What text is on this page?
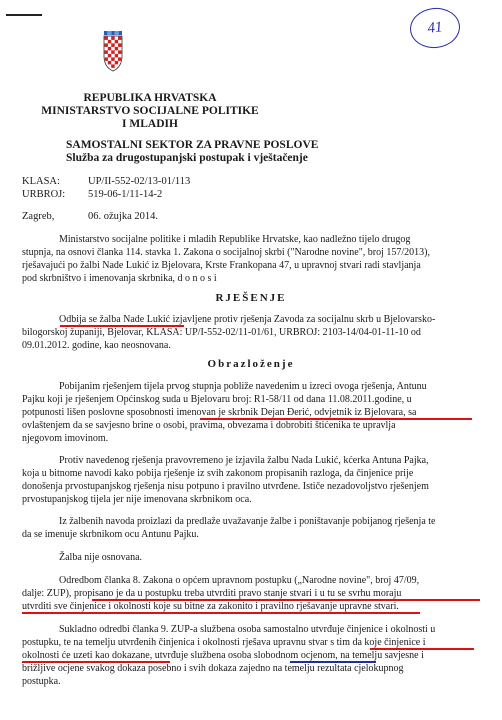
41
REPUBLIKA HRVATSKA
MINISTARSTVO SOCIJALNE POLITIKE
I MLADIH
SAMOSTALNI SEKTOR ZA PRAVNE POSLOVE
Služba za drugostupanjski postupak i vještačenje
KLASA:	UP/II-552-02/13-01/113
URBROJ: 519-06-1/11-14-2
Zagreb,	06. ožujka 2014.
Ministarstvo socijalne politike i mladih Republike Hrvatske, kao nadležno tijelo drugog
stupnja, na osnovi članka 114. stavka 1. Zakona o socijalnoj skrbi ("Narodne novine", broj 157/2013),
rješavajući po žalbi Nade Lukić iz Bjelovara, Krste Frankopana 47, u upravnoj stvari radi stavljanja
pod skrbništvo i imenovanja skrbnika, d o n o s i
RJEŠENJE
Odbija se žalba Nade Lukić izjavljene protiv rješenja Zavoda za socijalnu skrb u Bjelovarsko-
bilogorskoj županiji, Bjelovar, KLASA: UP/I-552-02/11-01/61, URBROJ: 2103-14/04-01-11-10 od
09.01.2012. godine, kao neosnovana.
Obrazloženje
Pobijanim rješenjem tijela prvog stupnja pobliže navedenim u izreci ovoga rješenja, Antunu
Pajku koji je rješenjem Općinskog suda u Bjelovaru broj: R1-58/11 od dana 11.08.2011.godine, u
potpunosti lišen poslovne sposobnosti imenovan je skrbnik Dejan Đerić, odvjetnik iz Bjelovara, sa
ovlaštenjem da se savjesno brine o osobi, pravima, obvezama i dobrobiti štićenika te upravlja
njegovom imovinom.
Protiv navedenog rješenja pravovremeno je izjavila žalbu Nada Lukić, kćerka Antuna Pajka,
koja u bitnome navodi kako pobija rješenje iz svih zakonom propisanih razloga, da činjenice prije
donošenja prvostupanjskog rješenja nisu potpuno i pravilno utvrđene. Ističe nezadovoljstvo rješenjem
prvostupanjskog tijela jer nije imenovana skrbnikom oca.
Iz žalbenih navoda proizlazi da predlaže uvažavanje žalbe i poništavanje pobijanog rješenja te
da se imenuje skrbnikom ocu Antunu Pajku.
Žalba nije osnovana.
Odredbom članka 8. Zakona o općem upravnom postupku („Narodne novine", broj 47/09,
dalje: ZUP), propisano je da u postupku treba utvrditi pravo stanje stvari i u tu se svrhu moraju
utvrditi sve činjenice i okolnosti koje su bitne za zakonito i pravilno rješavanje upravne stvari.
Sukladno odredbi članka 9. ZUP-a službena osoba samostalno utvrđuje činjenice i okolnosti u
postupku, te na temelju utvrđenih činjenica i okolnosti rješava upravnu stvar s tim da koje činjenice i
okolnosti će uzeti kao dokazane, utvrđuje službena osoba slobodnom ocjenom, na temelju savjesne i
brižljive ocjene svakog dokaza posebno i svih dokaza zajedno na temelju rezultata cjelokupnog
postupka.
